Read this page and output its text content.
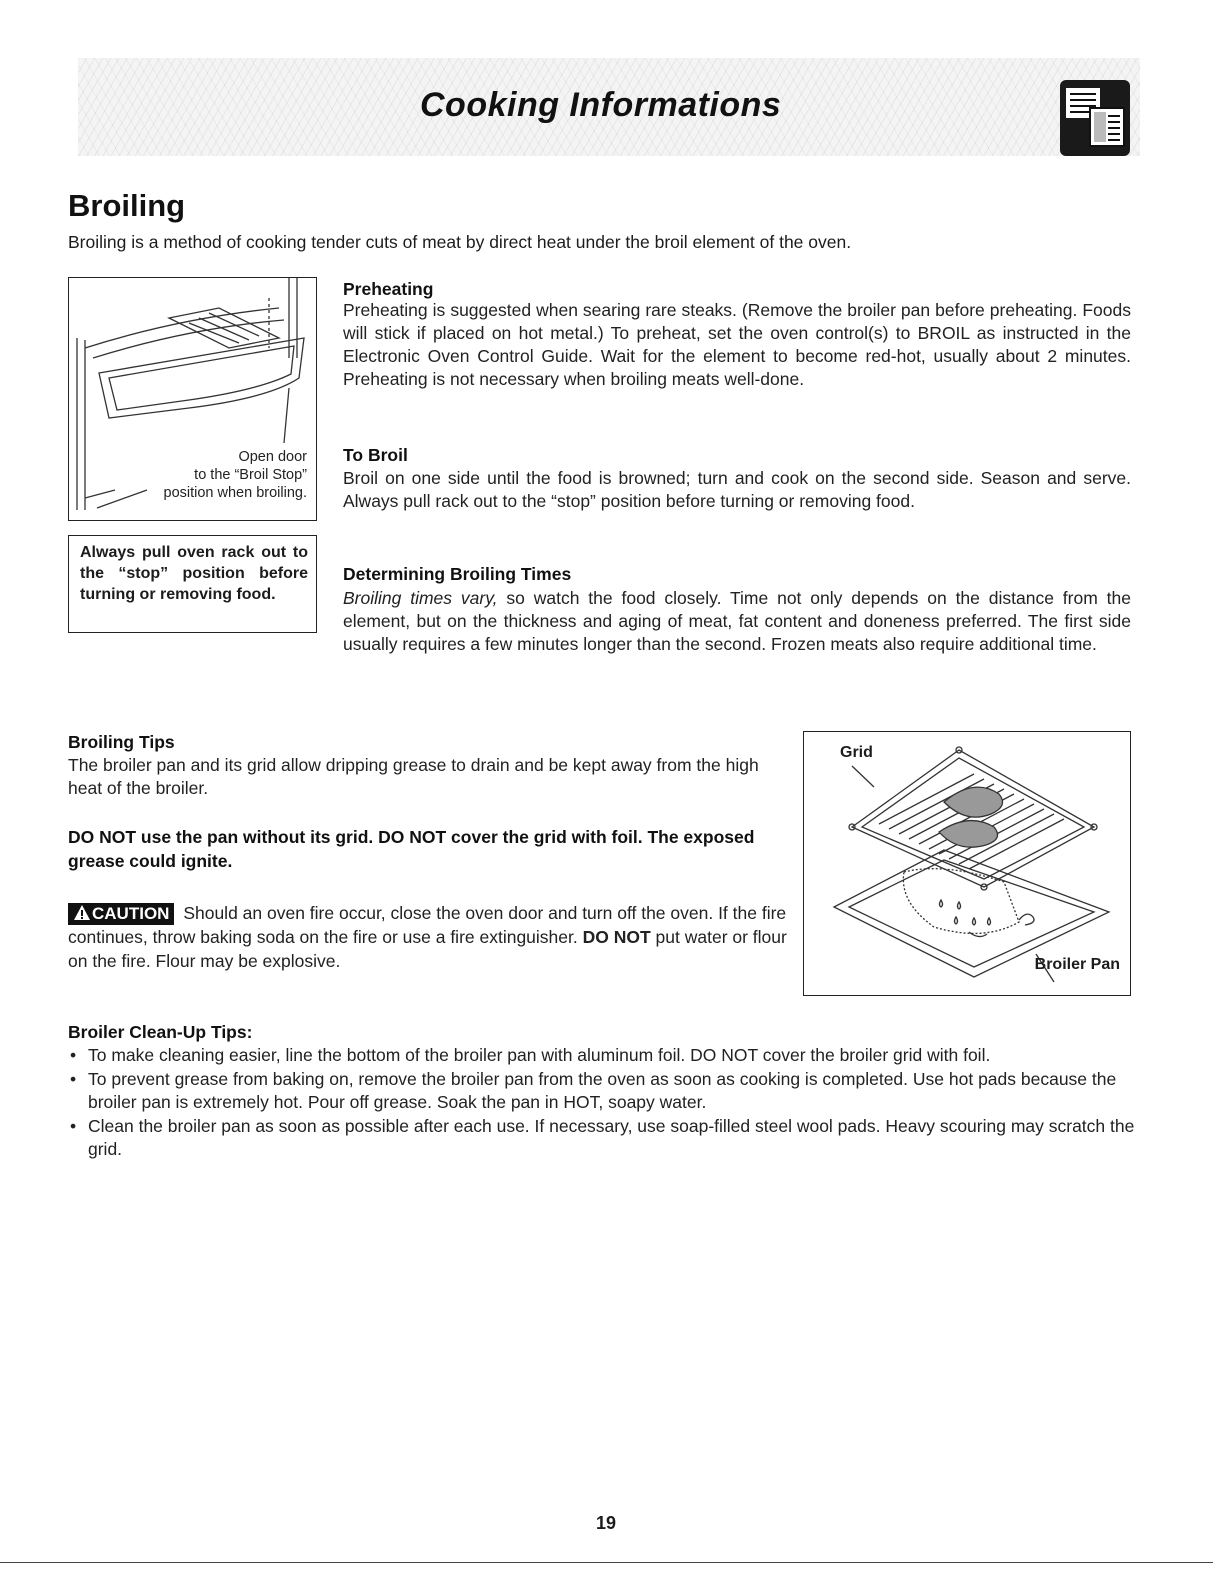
Cooking Informations
Broiling
Broiling is a method of cooking tender cuts of meat by direct heat under the broil element of the oven.
Open door
to the “Broil Stop”
position when broiling.
Always pull oven rack out to the “stop” position before turning or removing food.
Preheating
Preheating is suggested when searing rare steaks. (Remove the broiler pan before preheating. Foods will stick if placed on hot metal.) To preheat, set the oven control(s) to BROIL as instructed in the Electronic Oven Control Guide. Wait for the element to become red-hot, usually about 2 minutes. Preheating is not necessary when broiling meats well-done.
To Broil
Broil on one side until the food is browned; turn and cook on the second side. Season and serve. Always pull rack out to the “stop” position before turning or removing food.
Determining Broiling Times
Broiling times vary, so watch the food closely. Time not only depends on the distance from the element, but on the thickness and aging of meat, fat content and doneness preferred. The first side usually requires a few minutes longer than the second. Frozen meats also require additional time.
Broiling Tips
The broiler pan and its grid allow dripping grease to drain and be kept away from the high heat of the broiler.
DO NOT use the pan without its grid. DO NOT cover the grid with foil. The exposed grease could ignite.
CAUTION Should an oven fire occur, close the oven door and turn off the oven. If the fire continues, throw baking soda on the fire or use a fire extinguisher. DO NOT put water or flour on the fire. Flour may be explosive.
Grid
Broiler Pan
Broiler Clean-Up Tips:
• To make cleaning easier, line the bottom of the broiler pan with aluminum foil. DO NOT cover the broiler grid with foil.
• To prevent grease from baking on, remove the broiler pan from the oven as soon as cooking is completed. Use hot pads because the broiler pan is extremely hot. Pour off grease. Soak the pan in HOT, soapy water.
• Clean the broiler pan as soon as possible after each use. If necessary, use soap-filled steel wool pads. Heavy scouring may scratch the grid.
19
